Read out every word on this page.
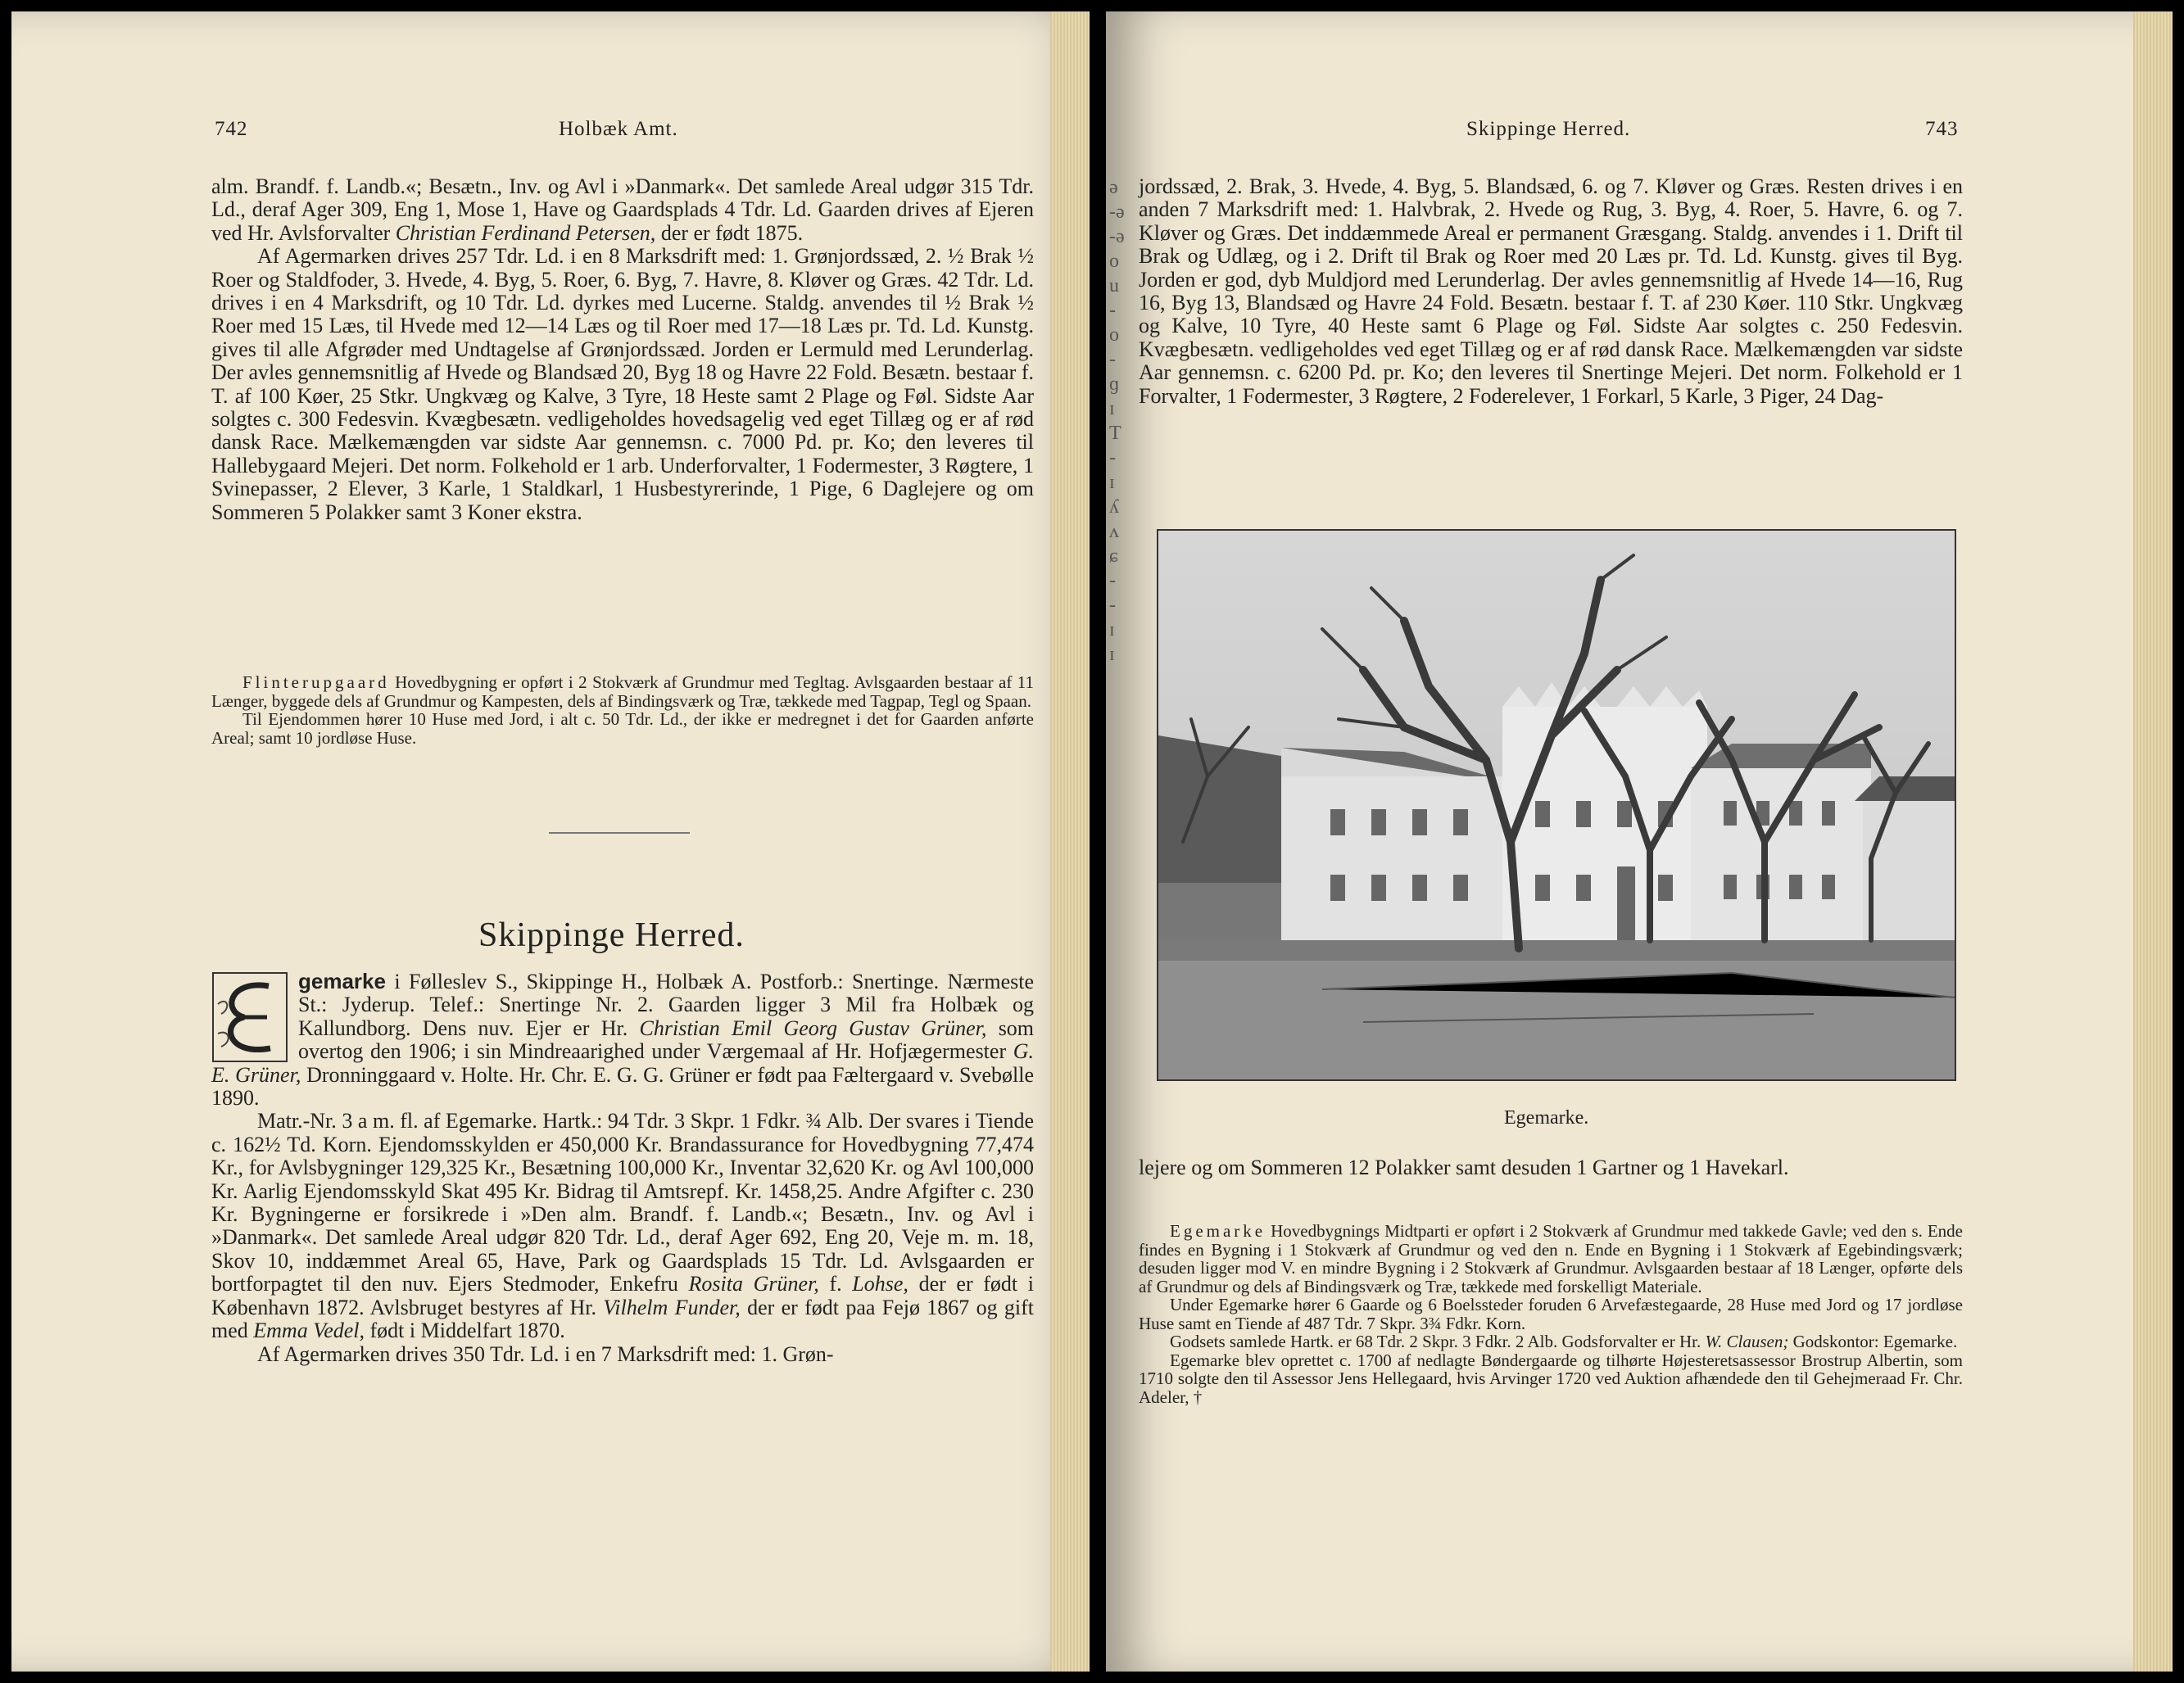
742	Holbæk Amt.

alm. Brandf. f. Landb.«; Besætn., Inv. og Avl i »Danmark«. Det samlede Areal udgør 315 Tdr. Ld., deraf Ager 309, Eng 1, Mose 1, Have og Gaardsplads 4 Tdr. Ld. Gaarden drives af Ejeren ved Hr. Avlsforvalter Christian Ferdinand Petersen, der er født 1875.

Af Agermarken drives 257 Tdr. Ld. i en 8 Marksdrift med: 1. Grønjordssæd, 2. ½ Brak ½ Roer og Staldfoder, 3. Hvede, 4. Byg, 5. Roer, 6. Byg, 7. Havre, 8. Kløver og Græs. 42 Tdr. Ld. drives i en 4 Marksdrift, og 10 Tdr. Ld. dyrkes med Lucerne. Staldg. anvendes til ½ Brak ½ Roer med 15 Læs, til Hvede med 12—14 Læs og til Roer med 17—18 Læs pr. Td. Ld. Kunstg. gives til alle Afgrøder med Undtagelse af Grønjordssæd. Jorden er Lermuld med Lerunderlag. Der avles gennemsnitlig af Hvede og Blandsæd 20, Byg 18 og Havre 22 Fold. Besætn. bestaar f. T. af 100 Køer, 25 Stkr. Ungkvæg og Kalve, 3 Tyre, 18 Heste samt 2 Plage og Føl. Sidste Aar solgtes c. 300 Fedesvin. Kvægbesætn. vedligeholdes hovedsagelig ved eget Tillæg og er af rød dansk Race. Mælkemængden var sidste Aar gennemsn. c. 7000 Pd. pr. Ko; den leveres til Hallebygaard Mejeri. Det norm. Folkehold er 1 arb. Underforvalter, 1 Fodermester, 3 Røgtere, 1 Svinepasser, 2 Elever, 3 Karle, 1 Staldkarl, 1 Husbestyrerinde, 1 Pige, 6 Daglejere og om Sommeren 5 Polakker samt 3 Koner ekstra.

Flinterupgaard Hovedbygning er opført i 2 Stokværk af Grundmur med Tegltag. Avlsgaarden bestaar af 11 Længer, byggede dels af Grundmur og Kampesten, dels af Bindingsværk og Træ, tækkede med Tagpap, Tegl og Spaan.

Til Ejendommen hører 10 Huse med Jord, i alt c. 50 Tdr. Ld., der ikke er medregnet i det for Gaarden anførte Areal; samt 10 jordløse Huse.

Skippinge Herred.

gemarke i Følleslev S., Skippinge H., Holbæk A. Postforb.: Snertinge. Nærmeste St.: Jyderup. Telef.: Snertinge Nr. 2. Gaarden ligger 3 Mil fra Holbæk og Kallundborg. Dens nuv. Ejer er Hr. Christian Emil Georg Gustav Grüner, som overtog den 1906; i sin Mindreaarighed under Værgemaal af Hr. Hofjægermester G. E. Grüner, Dronninggaard v. Holte. Hr. Chr. E. G. G. Grüner er født paa Fæltergaard v. Svebølle 1890.

Matr.-Nr. 3 a m. fl. af Egemarke. Hartk.: 94 Tdr. 3 Skpr. 1 Fdkr. ¾ Alb. Der svares i Tiende c. 162½ Td. Korn. Ejendomsskylden er 450,000 Kr. Brandassurance for Hovedbygning 77,474 Kr., for Avlsbygninger 129,325 Kr., Besætning 100,000 Kr., Inventar 32,620 Kr. og Avl 100,000 Kr. Aarlig Ejendomsskyld Skat 495 Kr. Bidrag til Amtsrepf. Kr. 1458,25. Andre Afgifter c. 230 Kr. Bygningerne er forsikrede i »Den alm. Brandf. f. Landb.«; Besætn., Inv. og Avl i »Danmark«. Det samlede Areal udgør 820 Tdr. Ld., deraf Ager 692, Eng 20, Veje m. m. 18, Skov 10, inddæmmet Areal 65, Have, Park og Gaardsplads 15 Tdr. Ld. Avlsgaarden er bortforpagtet til den nuv. Ejers Stedmoder, Enkefru Rosita Grüner, f. Lohse, der er født i København 1872. Avlsbruget bestyres af Hr. Vilhelm Funder, der er født paa Fejø 1867 og gift med Emma Vedel, født i Middelfart 1870.

Af Agermarken drives 350 Tdr. Ld. i en 7 Marksdrift med: 1. Grøn-

ə
-ə
-ə
o
u
-
o
-
ɡ
ɪ
T
-
ɪ
ʎ
ʌ
ɕ
-
-
ɪ
ɪ
Skippinge Herred.	743

jordssæd, 2. Brak, 3. Hvede, 4. Byg, 5. Blandsæd, 6. og 7. Kløver og Græs. Resten drives i en anden 7 Marksdrift med: 1. Halvbrak, 2. Hvede og Rug, 3. Byg, 4. Roer, 5. Havre, 6. og 7. Kløver og Græs. Det inddæmmede Areal er permanent Græsgang. Staldg. anvendes i 1. Drift til Brak og Udlæg, og i 2. Drift til Brak og Roer med 20 Læs pr. Td. Ld. Kunstg. gives til Byg. Jorden er god, dyb Muldjord med Lerunderlag. Der avles gennemsnitlig af Hvede 14—16, Rug 16, Byg 13, Blandsæd og Havre 24 Fold. Besætn. bestaar f. T. af 230 Køer. 110 Stkr. Ungkvæg og Kalve, 10 Tyre, 40 Heste samt 6 Plage og Føl. Sidste Aar solgtes c. 250 Fedesvin. Kvægbesætn. vedligeholdes ved eget Tillæg og er af rød dansk Race. Mælkemængden var sidste Aar gennemsn. c. 6200 Pd. pr. Ko; den leveres til Snertinge Mejeri. Det norm. Folkehold er 1 Forvalter, 1 Fodermester, 3 Røgtere, 2 Foderelever, 1 Forkarl, 5 Karle, 3 Piger, 24 Dag-

Egemarke.

lejere og om Sommeren 12 Polakker samt desuden 1 Gartner og 1 Havekarl.

Egemarke Hovedbygnings Midtparti er opført i 2 Stokværk af Grundmur med takkede Gavle; ved den s. Ende findes en Bygning i 1 Stokværk af Grundmur og ved den n. Ende en Bygning i 1 Stokværk af Egebindingsværk; desuden ligger mod V. en mindre Bygning i 2 Stokværk af Grundmur. Avlsgaarden bestaar af 18 Længer, opførte dels af Grundmur og dels af Bindingsværk og Træ, tækkede med forskelligt Materiale.

Under Egemarke hører 6 Gaarde og 6 Boelssteder foruden 6 Arvefæstegaarde, 28 Huse med Jord og 17 jordløse Huse samt en Tiende af 487 Tdr. 7 Skpr. 3¾ Fdkr. Korn.

Godsets samlede Hartk. er 68 Tdr. 2 Skpr. 3 Fdkr. 2 Alb. Godsforvalter er Hr. W. Clausen; Godskontor: Egemarke.

Egemarke blev oprettet c. 1700 af nedlagte Bøndergaarde og tilhørte Højesteretsassessor Brostrup Albertin, som 1710 solgte den til Assessor Jens Hellegaard, hvis Arvinger 1720 ved Auktion afhændede den til Gehejmeraad Fr. Chr. Adeler, †
